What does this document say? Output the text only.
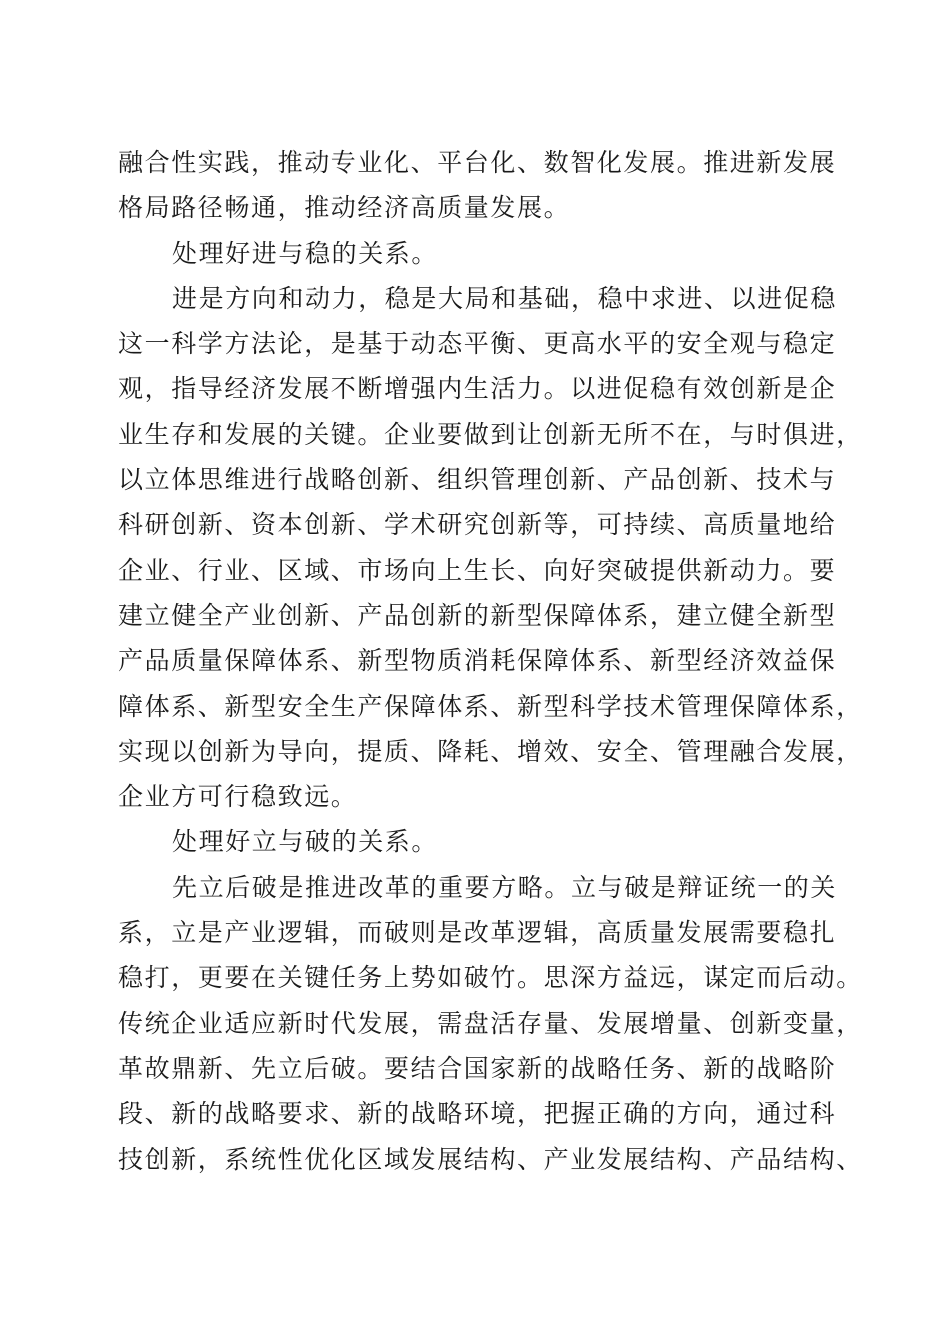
融合性实践，推动专业化、平台化、数智化发展。推进新发展
格局路径畅通，推动经济高质量发展。
处理好进与稳的关系。
进是方向和动力，稳是大局和基础，稳中求进、以进促稳
这一科学方法论，是基于动态平衡、更高水平的安全观与稳定
观，指导经济发展不断增强内生活力。以进促稳有效创新是企
业生存和发展的关键。企业要做到让创新无所不在，与时俱进，
以立体思维进行战略创新、组织管理创新、产品创新、技术与
科研创新、资本创新、学术研究创新等，可持续、高质量地给
企业、行业、区域、市场向上生长、向好突破提供新动力。要
建立健全产业创新、产品创新的新型保障体系，建立健全新型
产品质量保障体系、新型物质消耗保障体系、新型经济效益保
障体系、新型安全生产保障体系、新型科学技术管理保障体系，
实现以创新为导向，提质、降耗、增效、安全、管理融合发展，
企业方可行稳致远。
处理好立与破的关系。
先立后破是推进改革的重要方略。立与破是辩证统一的关
系，立是产业逻辑，而破则是改革逻辑，高质量发展需要稳扎
稳打，更要在关键任务上势如破竹。思深方益远，谋定而后动。
传统企业适应新时代发展，需盘活存量、发展增量、创新变量，
革故鼎新、先立后破。要结合国家新的战略任务、新的战略阶
段、新的战略要求、新的战略环境，把握正确的方向，通过科
技创新，系统性优化区域发展结构、产业发展结构、产品结构、
